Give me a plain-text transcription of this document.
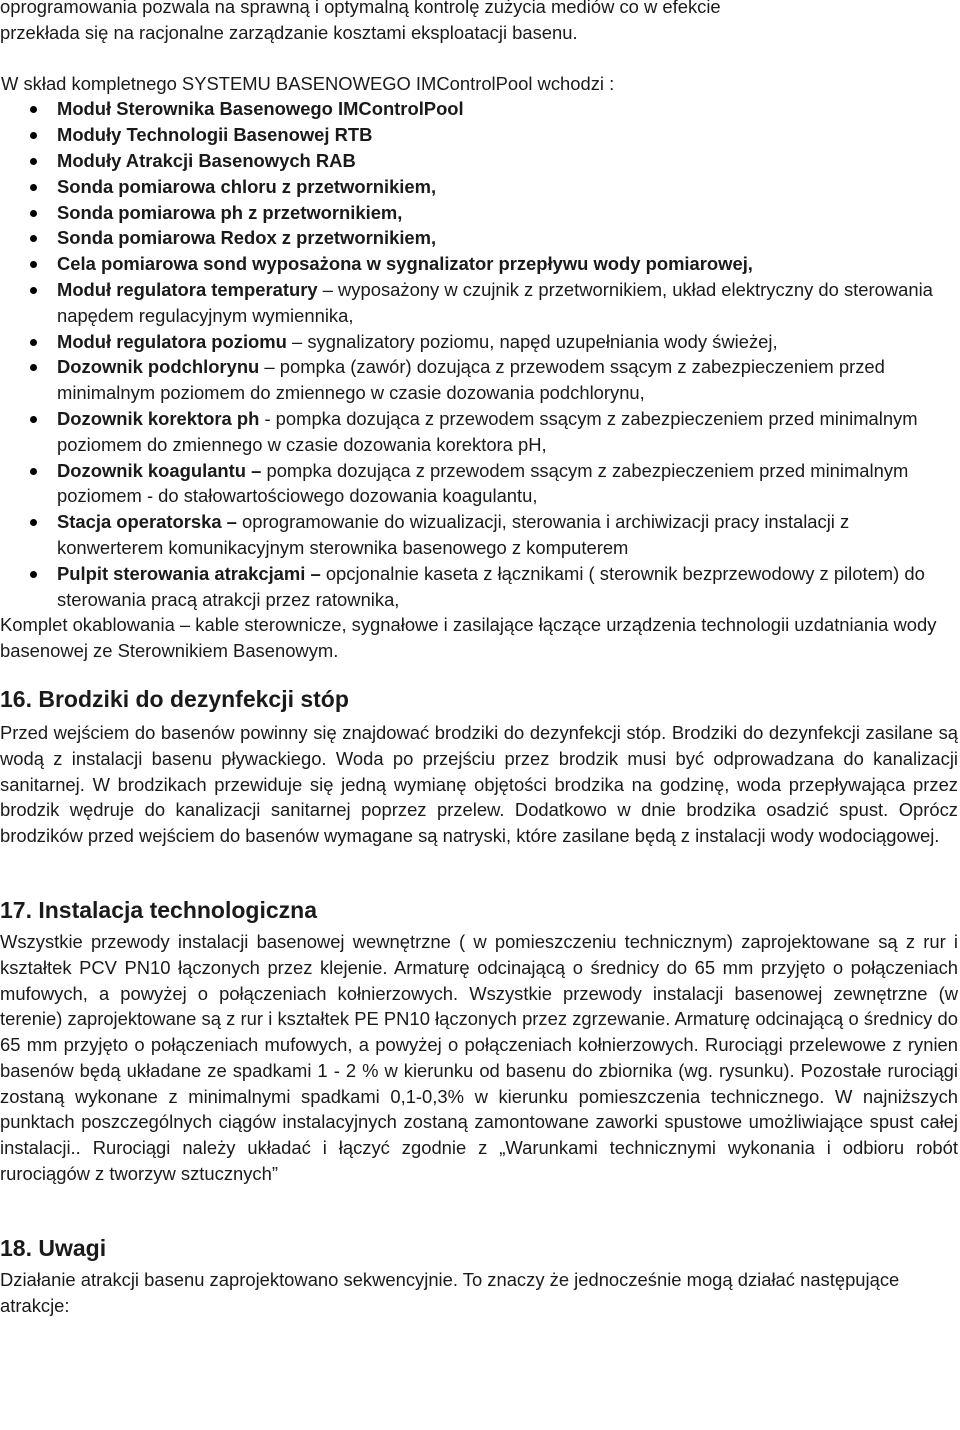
oprogramowania pozwala na sprawną i optymalną kontrolę zużycia mediów co w efekcie

przekłada się na racjonalne zarządzanie kosztami eksploatacji basenu.

W skład kompletnego SYSTEMU BASENOWEGO IMControlPool wchodzi :

Moduł Sterownika Basenowego IMControlPool
Moduły Technologii Basenowej RTB
Moduły Atrakcji Basenowych RAB
Sonda pomiarowa chloru z przetwornikiem,
Sonda pomiarowa ph z przetwornikiem,
Sonda pomiarowa Redox z przetwornikiem,
Cela pomiarowa sond wyposażona w sygnalizator przepływu wody pomiarowej,
Moduł regulatora temperatury – wyposażony w czujnik z przetwornikiem, układ elektryczny do sterowania napędem regulacyjnym wymiennika,
Moduł regulatora poziomu – sygnalizatory poziomu, napęd uzupełniania wody świeżej,
Dozownik podchlorynu – pompka (zawór) dozująca z przewodem ssącym z zabezpieczeniem przed minimalnym poziomem do zmiennego w czasie dozowania podchlorynu,
Dozownik korektora ph - pompka dozująca z przewodem ssącym z zabezpieczeniem przed minimalnym poziomem do zmiennego w czasie dozowania korektora pH,
Dozownik koagulantu – pompka dozująca z przewodem ssącym z zabezpieczeniem przed minimalnym poziomem - do stałowartościowego dozowania koagulantu,
Stacja operatorska – oprogramowanie do wizualizacji, sterowania i archiwizacji pracy instalacji z konwerterem komunikacyjnym sterownika basenowego z komputerem
Pulpit sterowania atrakcjami – opcjonalnie kaseta z łącznikami ( sterownik bezprzewodowy z pilotem) do sterowania pracą atrakcji przez ratownika,

Komplet okablowania – kable sterownicze, sygnałowe i zasilające łączące urządzenia technologii uzdatniania wody basenowej ze Sterownikiem Basenowym.

16. Brodziki do dezynfekcji stóp

Przed wejściem do basenów powinny się znajdować brodziki do dezynfekcji stóp. Brodziki do dezynfekcji zasilane są wodą z instalacji basenu pływackiego. Woda po przejściu przez brodzik musi być odprowadzana do kanalizacji sanitarnej. W brodzikach przewiduje się jedną wymianę objętości brodzika na godzinę, woda przepływająca przez brodzik wędruje do kanalizacji sanitarnej poprzez przelew. Dodatkowo w dnie brodzika osadzić spust. Oprócz brodzików przed wejściem do basenów wymagane są natryski, które zasilane będą z instalacji wody wodociągowej.

17. Instalacja technologiczna

Wszystkie przewody instalacji basenowej wewnętrzne ( w pomieszczeniu technicznym) zaprojektowane są z rur i kształtek PCV PN10 łączonych przez klejenie. Armaturę odcinającą o średnicy do 65 mm przyjęto o połączeniach mufowych, a powyżej o połączeniach kołnierzowych. Wszystkie przewody instalacji basenowej zewnętrzne (w terenie) zaprojektowane są z rur i kształtek PE PN10 łączonych przez zgrzewanie. Armaturę odcinającą o średnicy do 65 mm przyjęto o połączeniach mufowych, a powyżej o połączeniach kołnierzowych. Rurociągi przelewowe z rynien basenów będą układane ze spadkami 1 - 2 % w kierunku od basenu do zbiornika (wg. rysunku). Pozostałe rurociągi zostaną wykonane z minimalnymi spadkami 0,1-0,3% w kierunku pomieszczenia technicznego. W najniższych punktach poszczególnych ciągów instalacyjnych zostaną zamontowane zaworki spustowe umożliwiające spust całej instalacji.. Rurociągi należy układać i łączyć zgodnie z „Warunkami technicznymi wykonania i odbioru robót rurociągów z tworzyw sztucznych”

18. Uwagi

Działanie atrakcji basenu zaprojektowano sekwencyjnie. To znaczy że jednocześnie mogą działać następujące atrakcje:
